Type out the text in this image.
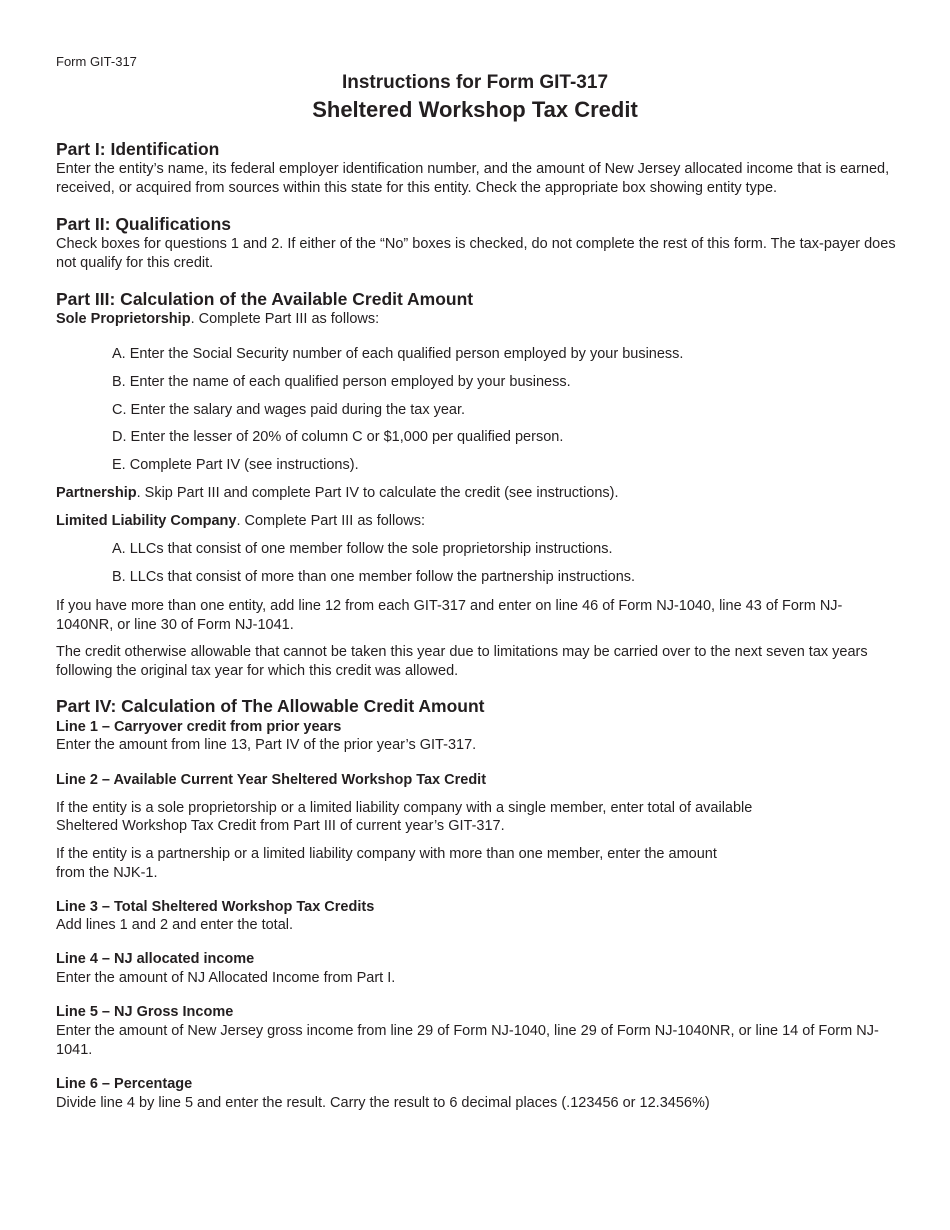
Form GIT-317
Instructions for Form GIT-317
Sheltered Workshop Tax Credit
Part I: Identification
Enter the entity’s name, its federal employer identification number, and the amount of New Jersey allocated income that is earned, received, or acquired from sources within this state for this entity. Check the appropriate box showing entity type.
Part II: Qualifications
Check boxes for questions 1 and 2. If either of the “No” boxes is checked, do not complete the rest of this form. The tax-payer does not qualify for this credit.
Part III: Calculation of the Available Credit Amount
Sole Proprietorship. Complete Part III as follows:
A. Enter the Social Security number of each qualified person employed by your business.
B. Enter the name of each qualified person employed by your business.
C. Enter the salary and wages paid during the tax year.
D. Enter the lesser of 20% of column C or $1,000 per qualified person.
E. Complete Part IV (see instructions).
Partnership. Skip Part III and complete Part IV to calculate the credit (see instructions).
Limited Liability Company. Complete Part III as follows:
A. LLCs that consist of one member follow the sole proprietorship instructions.
B. LLCs that consist of more than one member follow the partnership instructions.
If you have more than one entity, add line 12 from each GIT-317 and enter on line 46 of Form NJ-1040, line 43 of Form NJ-1040NR, or line 30 of Form NJ-1041.
The credit otherwise allowable that cannot be taken this year due to limitations may be carried over to the next seven tax years following the original tax year for which this credit was allowed.
Part IV: Calculation of The Allowable Credit Amount
Line 1 – Carryover credit from prior years
Enter the amount from line 13, Part IV of the prior year’s GIT-317.
Line 2 – Available Current Year Sheltered Workshop Tax Credit
If the entity is a sole proprietorship or a limited liability company with a single member, enter total of available
Sheltered Workshop Tax Credit from Part III of current year’s GIT-317.
If the entity is a partnership or a limited liability company with more than one member, enter the amount
from the NJK-1.
Line 3 – Total Sheltered Workshop Tax Credits
Add lines 1 and 2 and enter the total.
Line 4 – NJ allocated income
Enter the amount of NJ Allocated Income from Part I.
Line 5 – NJ Gross Income
Enter the amount of New Jersey gross income from line 29 of Form NJ-1040, line 29 of Form NJ-1040NR, or line 14 of Form NJ-1041.
Line 6 – Percentage
Divide line 4 by line 5 and enter the result. Carry the result to 6 decimal places (.123456 or 12.3456%)
